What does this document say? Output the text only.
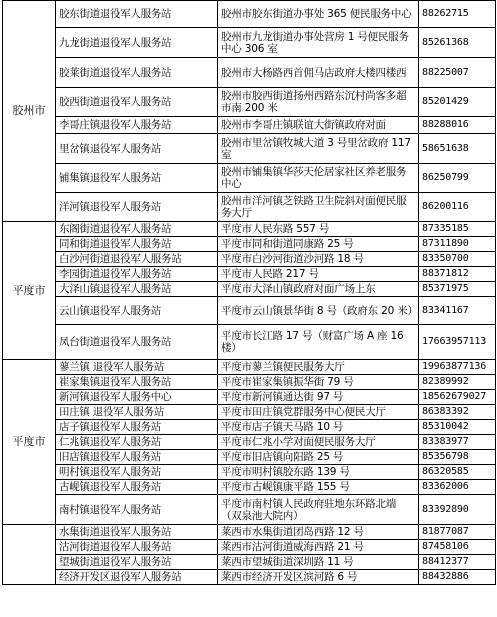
胶州市	胶东街道退役军人服务站	胶州市胶东街道办事处 365 便民服务中心	88262715
	九龙街道退役军人服务站	胶州市九龙街道办事处营房 1 号便民服务中心 306 室	85261368
	胶莱街道退役军人服务站	胶州市大杨路西首佣马店政府大楼四楼西	88225007
	胶西街道退役军人服务站	胶州市胶西街道扬州西路东沉村尚客多超市南 200 米	85201429
	李哥庄镇退役军人服务站	胶州市李哥庄镇联谊大街镇政府对面	88288016
	里岔镇退役军人服务站	胶州市里岔镇牧城大道 3 号里岔政府 117 室	58651638
	铺集镇退役军人服务站	胶州市铺集镇华莎天伦居家社区养老服务中心	86250799
	洋河镇退役军人服务站	胶州市洋河镇芝铁路卫生院斜对面便民服务大厅	86200116
平度市	东阁街道退役军人服务站	平度市人民东路 557 号	87335185
	同和街道退役军人服务站	平度市同和街道同康路 25 号	87311890
	白沙河街道退役军人服务站	平度市白沙河街道沙河路 18 号	83350700
	李园街道退役军人服务站	平度市人民路 217 号	88371812
	大泽山镇退役军人服务站	平度市大泽山镇政府对面广场上东	85371975
	云山镇退役军人服务站	平度市云山镇景华街 8 号（政府东 20 米）	83341167
	凤台街道退役军人服务站	平度市长江路 17 号（财富广场 A 座 16 楼）	17663957113
平度市	蓼兰镇 退役军人服务站	平度市蓼兰镇便民服务大厅	19963877136
	崔家集镇退役军人服务站	平度市崔家集镇振华街 79 号	82389992
	新河镇退役军人服务中心	平度市新河镇通达街 97 号	18562679027
	田庄镇 退役军人服务站	平度市田庄镇党群服务中心便民大厅	86383392
	店子镇退役军人服务站	平度市店子镇天马路 10 号	85310042
	仁兆镇退役军人服务站	平度市仁兆小学对面便民服务大厅	83383977
	旧店镇退役军人服务站	平度市旧店镇向阳路 25 号	85356798
	明村镇退役军人服务站	平度市明村镇胶东路 139 号	86320585
	古岘镇退役军人服务站	平度市古岘镇康平路 155 号	83362006
	南村镇退役军人服务站	平度市南村镇人民政府驻地东环路北端（双泉池大院内）	83392890
	水集街道退役军人服务站	莱西市水集街道团岛西路 12 号	81877087
	沽河街道退役军人服务站	莱西市沽河街道威海西路 21 号	87458106
	望城街道退役军人服务站	莱西市望城街道深圳路 11 号	88412377
	经济开发区退役军人服务站	莱西市经济开发区滨河路 6 号	88432886
